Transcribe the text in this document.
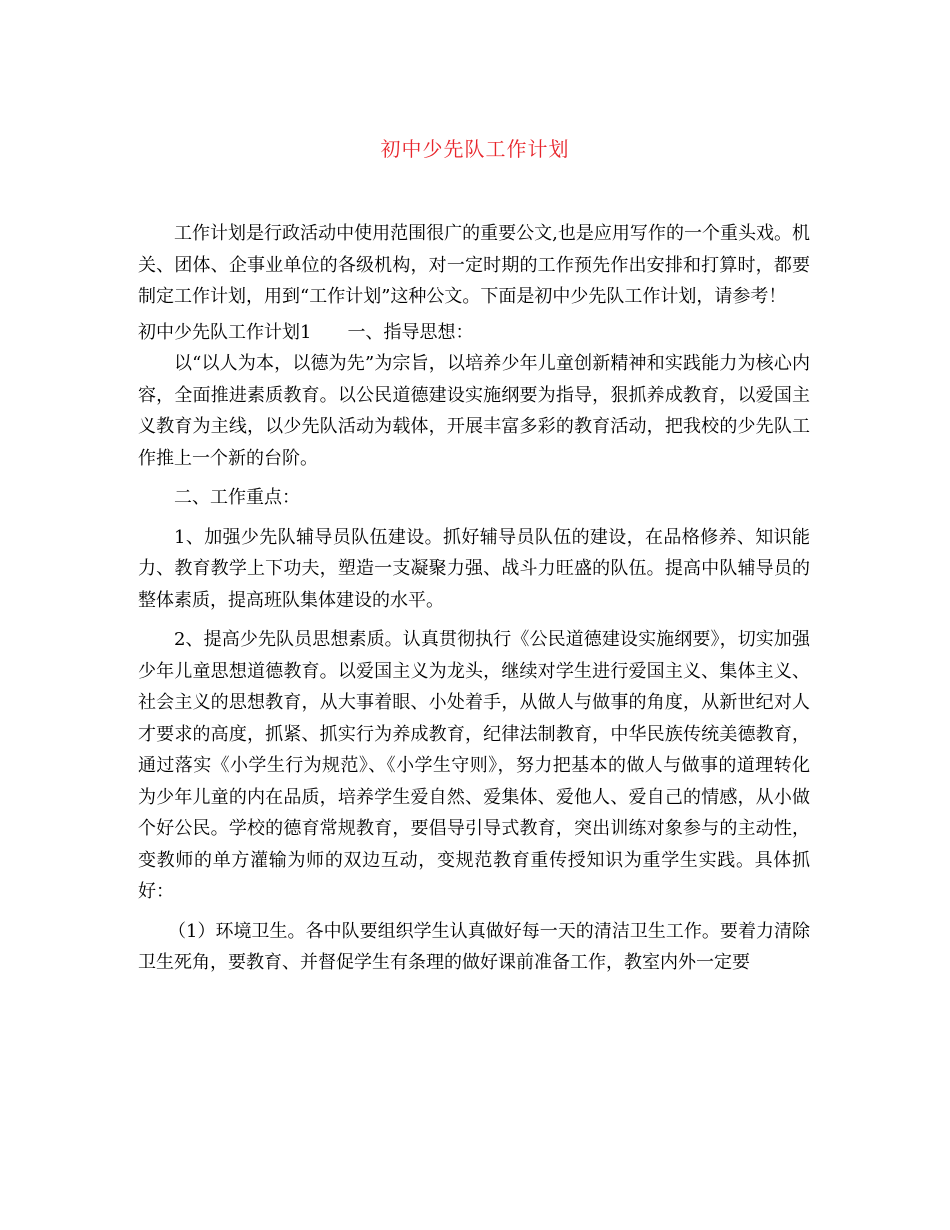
初中少先队工作计划

工作计划是行政活动中使用范围很广的重要公文,也是应用写作的一个重头戏。机关、团体、企事业单位的各级机构，对一定时期的工作预先作出安排和打算时，都要制定工作计划，用到“工作计划”这种公文。下面是初中少先队工作计划，请参考！

初中少先队工作计划1　　一、指导思想：

以“以人为本，以德为先”为宗旨，以培养少年儿童创新精神和实践能力为核心内容，全面推进素质教育。以公民道德建设实施纲要为指导，狠抓养成教育，以爱国主义教育为主线，以少先队活动为载体，开展丰富多彩的教育活动，把我校的少先队工作推上一个新的台阶。

二、工作重点：

1、加强少先队辅导员队伍建设。抓好辅导员队伍的建设，在品格修养、知识能力、教育教学上下功夫，塑造一支凝聚力强、战斗力旺盛的队伍。提高中队辅导员的整体素质，提高班队集体建设的水平。

2、提高少先队员思想素质。认真贯彻执行《公民道德建设实施纲要》，切实加强少年儿童思想道德教育。以爱国主义为龙头，继续对学生进行爱国主义、集体主义、社会主义的思想教育，从大事着眼、小处着手，从做人与做事的角度，从新世纪对人才要求的高度，抓紧、抓实行为养成教育，纪律法制教育，中华民族传统美德教育，通过落实《小学生行为规范》、《小学生守则》，努力把基本的做人与做事的道理转化为少年儿童的内在品质，培养学生爱自然、爱集体、爱他人、爱自己的情感，从小做个好公民。学校的德育常规教育，要倡导引导式教育，突出训练对象参与的主动性，变教师的单方灌输为师的双边互动，变规范教育重传授知识为重学生实践。具体抓好：

（1）环境卫生。各中队要组织学生认真做好每一天的清洁卫生工作。要着力清除卫生死角，要教育、并督促学生有条理的做好课前准备工作，教室内外一定要
